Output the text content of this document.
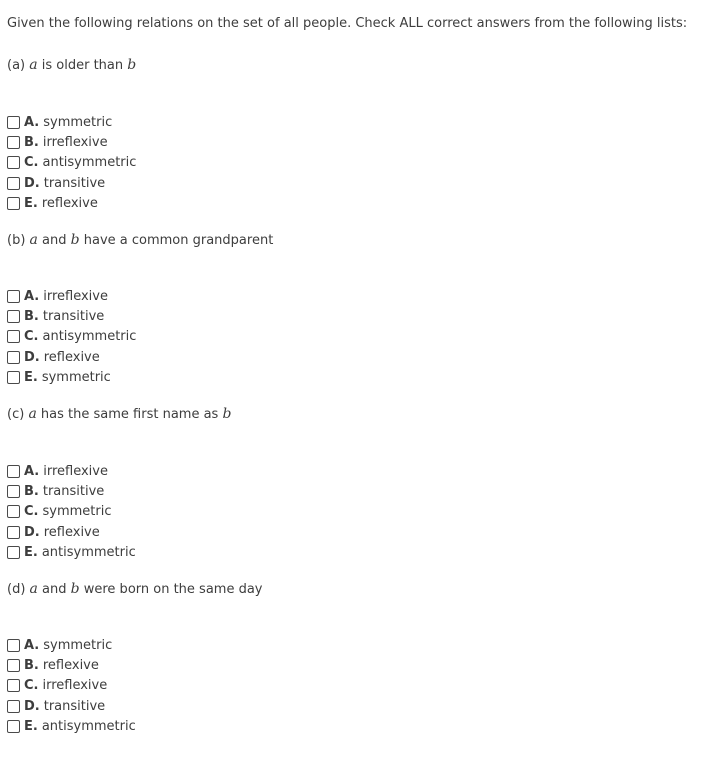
Given the following relations on the set of all people. Check ALL correct answers from the following lists:

(a) a is older than b

A. symmetric
B. irreflexive
C. antisymmetric
D. transitive
E. reflexive

(b) a and b have a common grandparent

A. irreflexive
B. transitive
C. antisymmetric
D. reflexive
E. symmetric

(c) a has the same first name as b

A. irreflexive
B. transitive
C. symmetric
D. reflexive
E. antisymmetric

(d) a and b were born on the same day

A. symmetric
B. reflexive
C. irreflexive
D. transitive
E. antisymmetric
